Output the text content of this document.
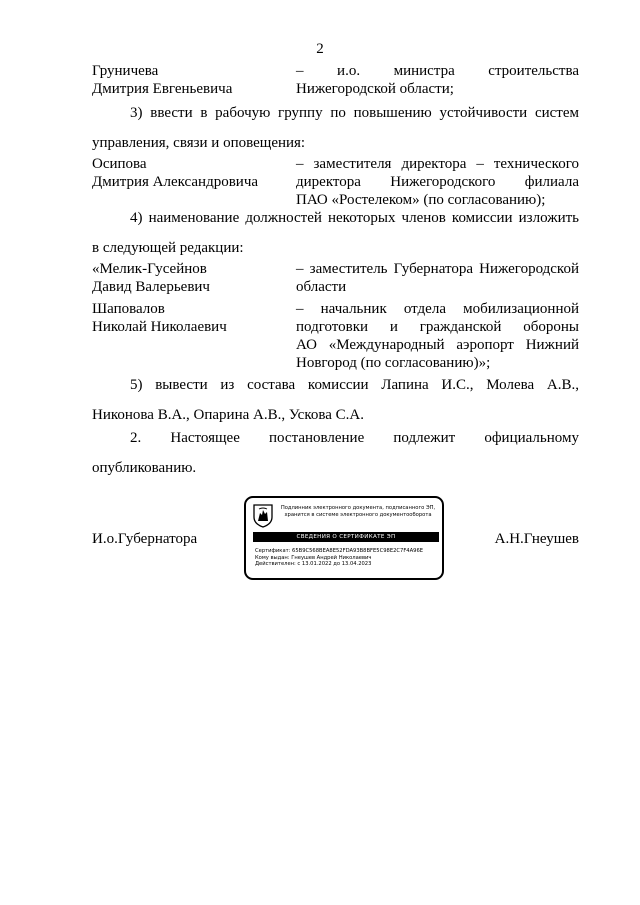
2
Груничева
Дмитрия Евгеньевича
– и.о. министра строительства
Нижегородской области;
3) ввести в рабочую группу по повышению устойчивости систем
управления, связи и оповещения:
Осипова
Дмитрия Александровича
– заместителя директора – технического
директора Нижегородского филиала
ПАО «Ростелеком» (по согласованию);
4) наименование должностей некоторых членов комиссии изложить
в следующей редакции:
«Мелик-Гусейнов
Давид Валерьевич
– заместитель Губернатора Нижегородской
области
Шаповалов
Николай Николаевич
– начальник отдела мобилизационной
подготовки и гражданской обороны
АО «Международный аэропорт Нижний
Новгород (по согласованию)»;
5) вывести из состава комиссии Лапина И.С., Молева А.В.,
Никонова В.А., Опарина А.В., Ускова С.А.
2. Настоящее постановление подлежит официальному
опубликованию.
И.о.Губернатора	А.Н.Гнеушев
Подлинник электронного документа, подписанного ЭП,
хранится в системе электронного документооборота
СВЕДЕНИЯ О СЕРТИФИКАТЕ ЭП
Сертификат: 65B9C568BEA8E52FDA93B8BFE5C98E2C7F4A96E
Кому выдан: Гнеушев Андрей Николаевич
Действителен: с 13.01.2022 до 13.04.2023
